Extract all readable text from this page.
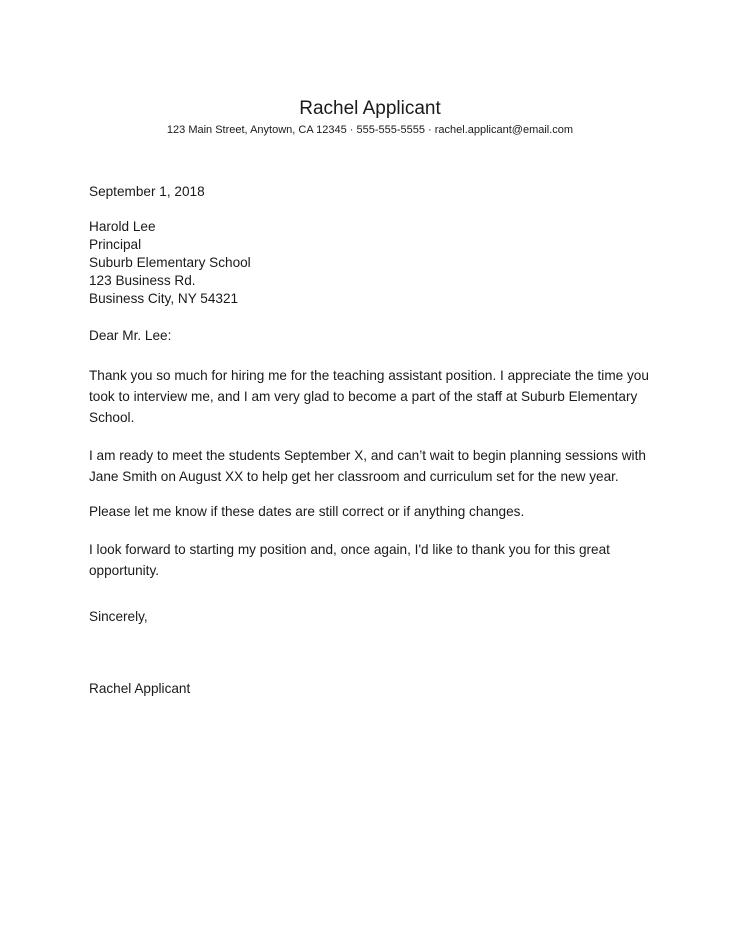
Rachel Applicant
123 Main Street, Anytown, CA 12345 · 555-555-5555 · rachel.applicant@email.com
September 1, 2018
Harold Lee
Principal
Suburb Elementary School
123 Business Rd.
Business City, NY 54321
Dear Mr. Lee:
Thank you so much for hiring me for the teaching assistant position. I appreciate the time you took to interview me, and I am very glad to become a part of the staff at Suburb Elementary School.
I am ready to meet the students September X, and can’t wait to begin planning sessions with Jane Smith on August XX to help get her classroom and curriculum set for the new year.
Please let me know if these dates are still correct or if anything changes.
I look forward to starting my position and, once again, I'd like to thank you for this great opportunity.
Sincerely,
Rachel Applicant
